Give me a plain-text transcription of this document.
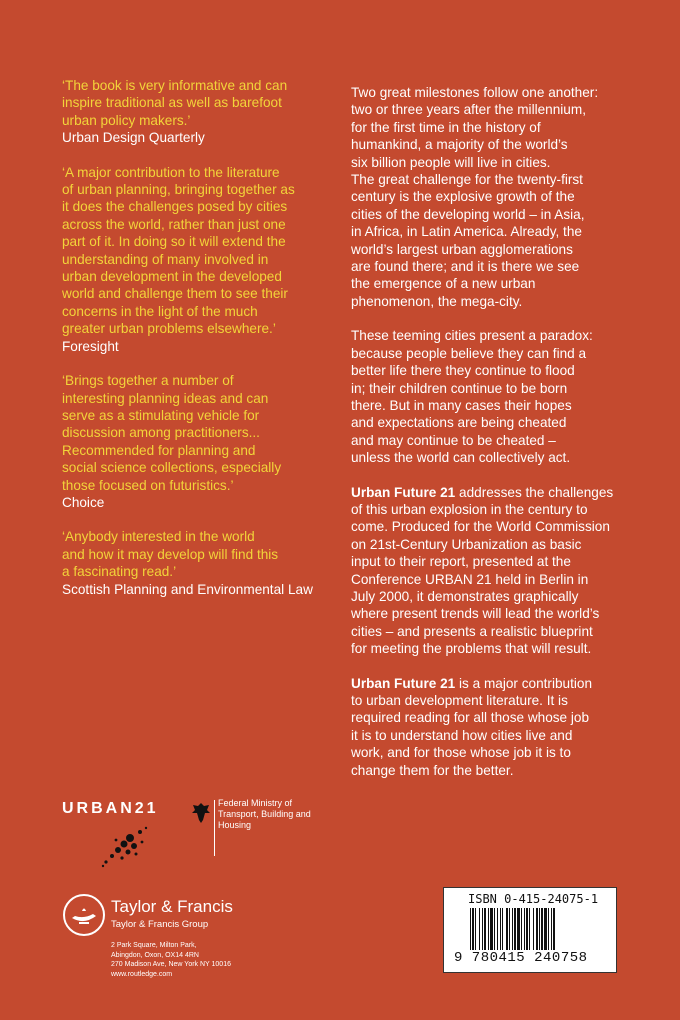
‘The book is very informative and can
inspire traditional as well as barefoot
urban policy makers.’
Urban Design Quarterly
‘A major contribution to the literature
of urban planning, bringing together as
it does the challenges posed by cities
across the world, rather than just one
part of it. In doing so it will extend the
understanding of many involved in
urban development in the developed
world and challenge them to see their
concerns in the light of the much
greater urban problems elsewhere.’
Foresight
‘Brings together a number of
interesting planning ideas and can
serve as a stimulating vehicle for
discussion among practitioners...
Recommended for planning and
social science collections, especially
those focused on futuristics.’
Choice
‘Anybody interested in the world
and how it may develop will find this
a fascinating read.’
Scottish Planning and Environmental Law
Two great milestones follow one another:
two or three years after the millennium,
for the first time in the history of
humankind, a majority of the world’s
six billion people will live in cities.
The great challenge for the twenty-first
century is the explosive growth of the
cities of the developing world – in Asia,
in Africa, in Latin America. Already, the
world’s largest urban agglomerations
are found there; and it is there we see
the emergence of a new urban
phenomenon, the mega-city.
These teeming cities present a paradox:
because people believe they can find a
better life there they continue to flood
in; their children continue to be born
there. But in many cases their hopes
and expectations are being cheated
and may continue to be cheated –
unless the world can collectively act.
Urban Future 21 addresses the challenges
of this urban explosion in the century to
come. Produced for the World Commission
on 21st-Century Urbanization as basic
input to their report, presented at the
Conference URBAN 21 held in Berlin in
July 2000, it demonstrates graphically
where present trends will lead the world’s
cities – and presents a realistic blueprint
for meeting the problems that will result.
Urban Future 21 is a major contribution
to urban development literature. It is
required reading for all those whose job
it is to understand how cities live and
work, and for those whose job it is to
change them for the better.
URBAN21	Federal Ministry of
Transport, Building and
Housing
Taylor & Francis
Taylor & Francis Group
2 Park Square, Milton Park,
Abingdon, Oxon, OX14 4RN
270 Madison Ave, New York NY 10016
www.routledge.com
ISBN 0-415-24075-1
9 780415 240758
